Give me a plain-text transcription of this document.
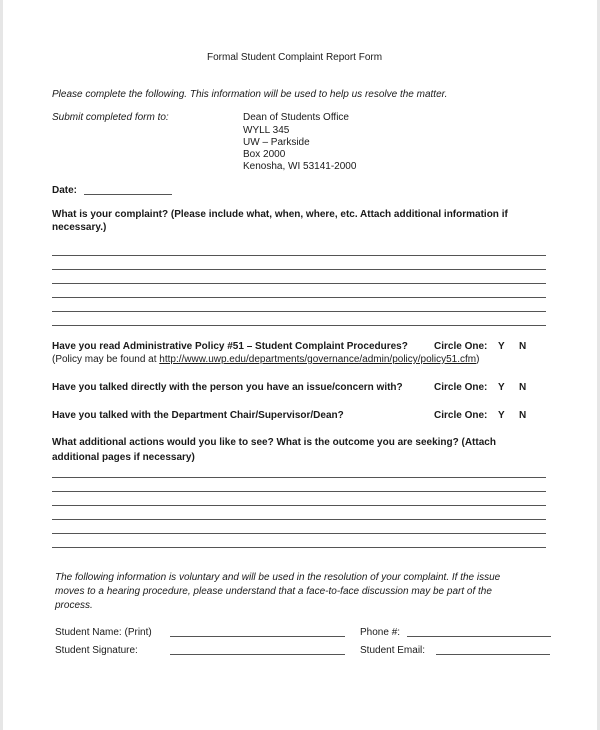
Formal Student Complaint Report Form
Please complete the following. This information will be used to help us resolve the matter.
Submit completed form to:	Dean of Students Office
WYLL 345
UW – Parkside
Box 2000
Kenosha, WI 53141-2000
Date:
What is your complaint? (Please include what, when, where, etc. Attach additional information if
necessary.)
Have you read Administrative Policy #51 – Student Complaint Procedures?	Circle One: Y N
(Policy may be found at http://www.uwp.edu/departments/governance/admin/policy/policy51.cfm)
Have you talked directly with the person you have an issue/concern with?	Circle One: Y N
Have you talked with the Department Chair/Supervisor/Dean?	Circle One: Y N
What additional actions would you like to see? What is the outcome you are seeking? (Attach
additional pages if necessary)
The following information is voluntary and will be used in the resolution of your complaint. If the issue
moves to a hearing procedure, please understand that a face-to-face discussion may be part of the
process.
Student Name: (Print)	Phone #:
Student Signature:	Student Email:
